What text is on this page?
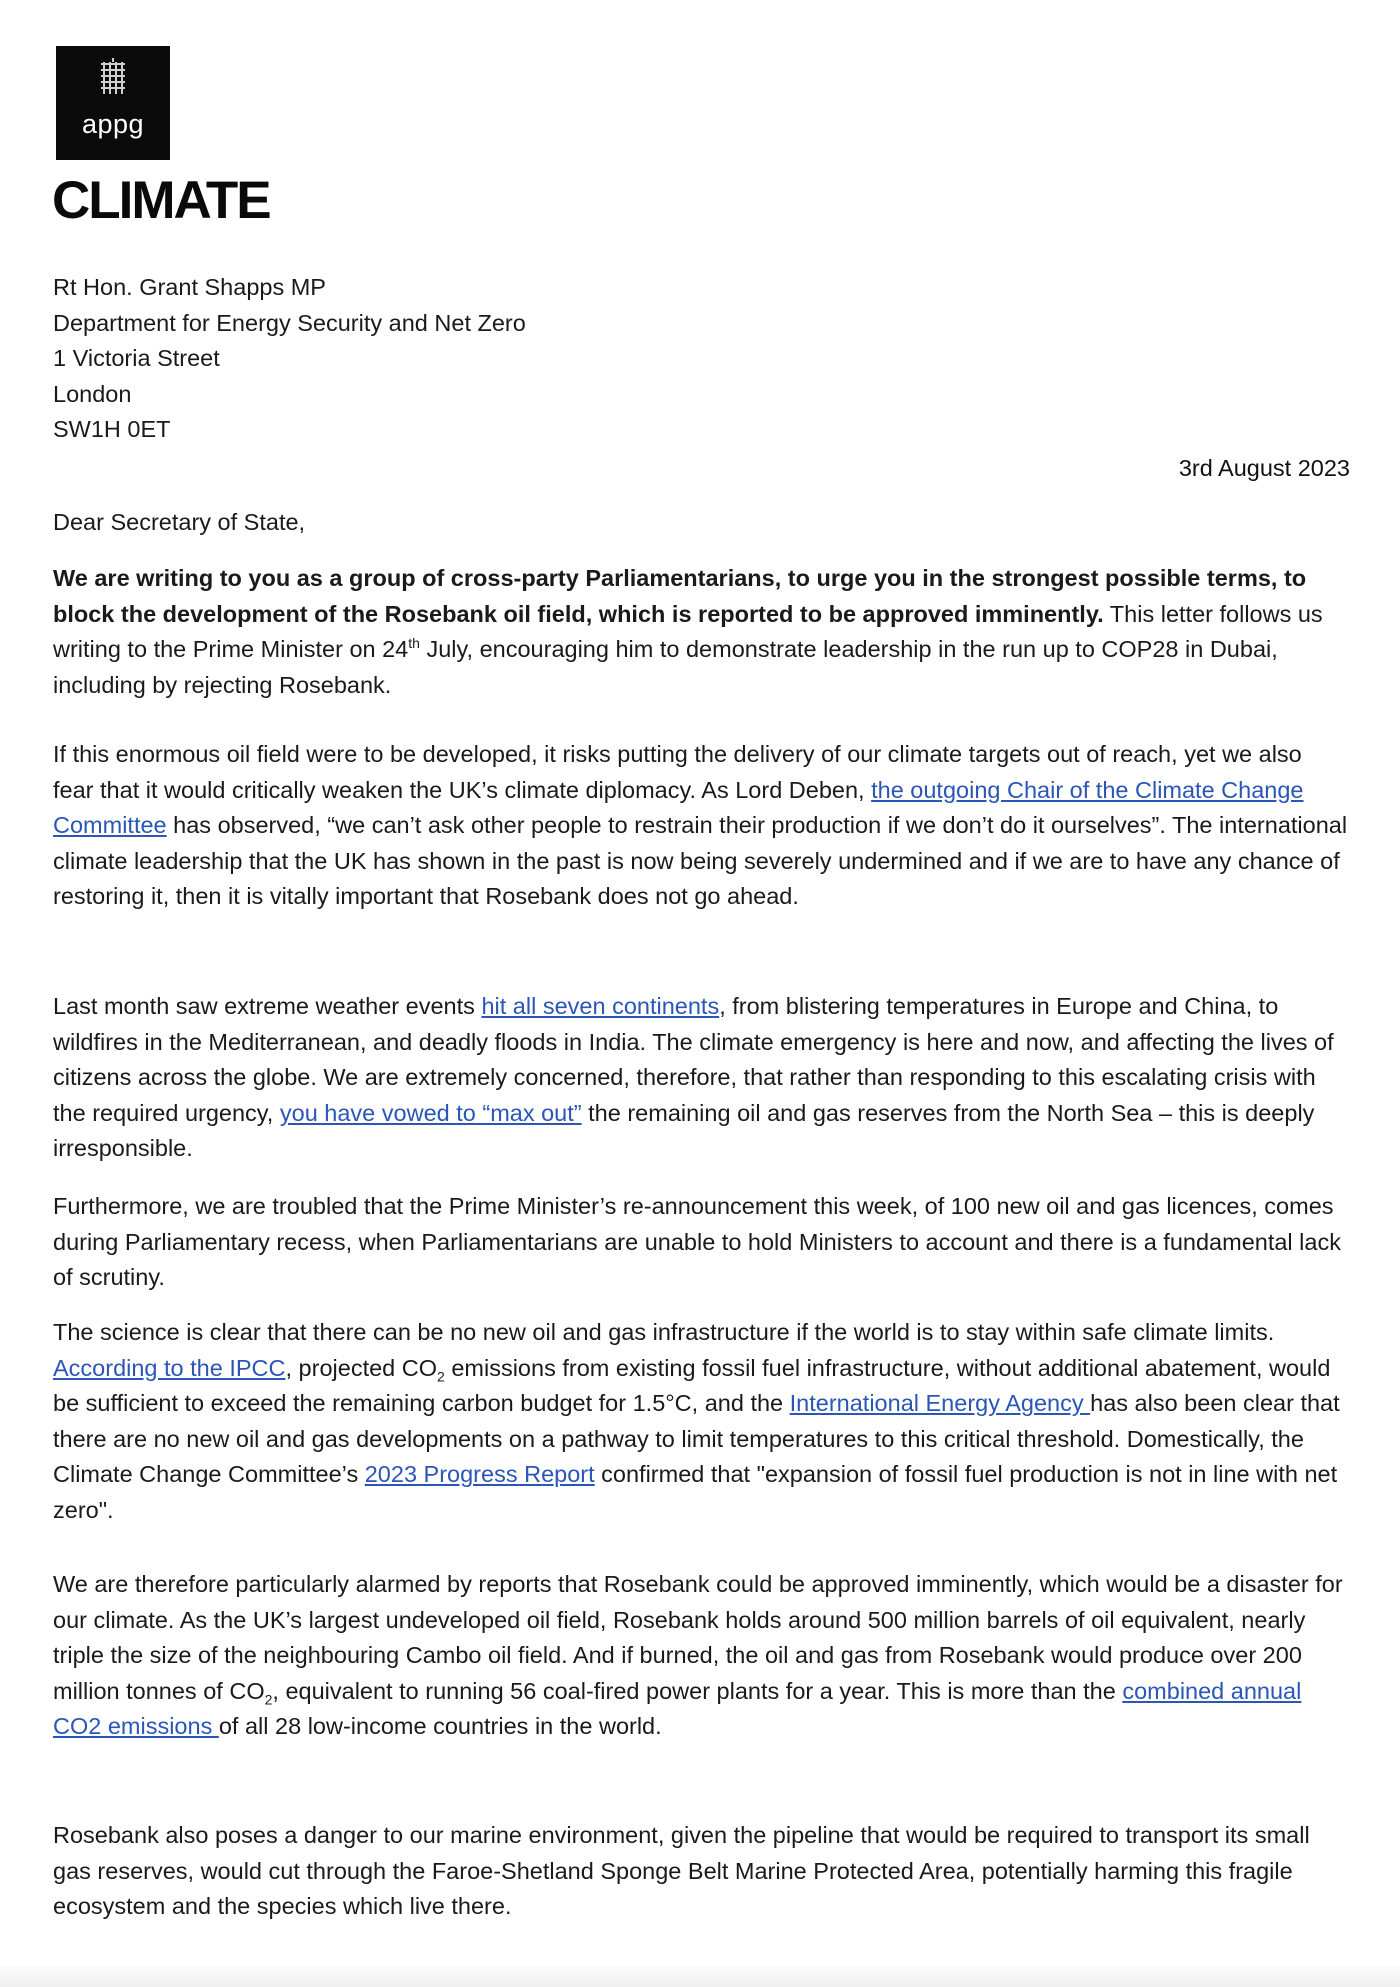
appg
CLIMATE
Rt Hon. Grant Shapps MP
Department for Energy Security and Net Zero
1 Victoria Street
London
SW1H 0ET
3rd August 2023
Dear Secretary of State,

We are writing to you as a group of cross-party Parliamentarians, to urge you in the strongest possible terms, to block the development of the Rosebank oil field, which is reported to be approved imminently. This letter follows us writing to the Prime Minister on 24th July, encouraging him to demonstrate leadership in the run up to COP28 in Dubai, including by rejecting Rosebank.

If this enormous oil field were to be developed, it risks putting the delivery of our climate targets out of reach, yet we also fear that it would critically weaken the UK’s climate diplomacy. As Lord Deben, the outgoing Chair of the Climate Change Committee has observed, “we can’t ask other people to restrain their production if we don’t do it ourselves”. The international climate leadership that the UK has shown in the past is now being severely undermined and if we are to have any chance of restoring it, then it is vitally important that Rosebank does not go ahead.

Last month saw extreme weather events hit all seven continents, from blistering temperatures in Europe and China, to wildfires in the Mediterranean, and deadly floods in India. The climate emergency is here and now, and affecting the lives of citizens across the globe. We are extremely concerned, therefore, that rather than responding to this escalating crisis with the required urgency, you have vowed to “max out” the remaining oil and gas reserves from the North Sea – this is deeply irresponsible.

Furthermore, we are troubled that the Prime Minister’s re-announcement this week, of 100 new oil and gas licences, comes during Parliamentary recess, when Parliamentarians are unable to hold Ministers to account and there is a fundamental lack of scrutiny.

The science is clear that there can be no new oil and gas infrastructure if the world is to stay within safe climate limits. According to the IPCC, projected $CO_2$ emissions from existing fossil fuel infrastructure, without additional abatement, would be sufficient to exceed the remaining carbon budget for 1.5°C, and the International Energy Agency has also been clear that there are no new oil and gas developments on a pathway to limit temperatures to this critical threshold. Domestically, the Climate Change Committee’s 2023 Progress Report confirmed that "expansion of fossil fuel production is not in line with net zero".

We are therefore particularly alarmed by reports that Rosebank could be approved imminently, which would be a disaster for our climate. As the UK’s largest undeveloped oil field, Rosebank holds around 500 million barrels of oil equivalent, nearly triple the size of the neighbouring Cambo oil field. And if burned, the oil and gas from Rosebank would produce over 200 million tonnes of $CO_2$, equivalent to running 56 coal-fired power plants for a year. This is more than the combined annual CO2 emissions of all 28 low-income countries in the world.

Rosebank also poses a danger to our marine environment, given the pipeline that would be required to transport its small gas reserves, would cut through the Faroe-Shetland Sponge Belt Marine Protected Area, potentially harming this fragile ecosystem and the species which live there.
